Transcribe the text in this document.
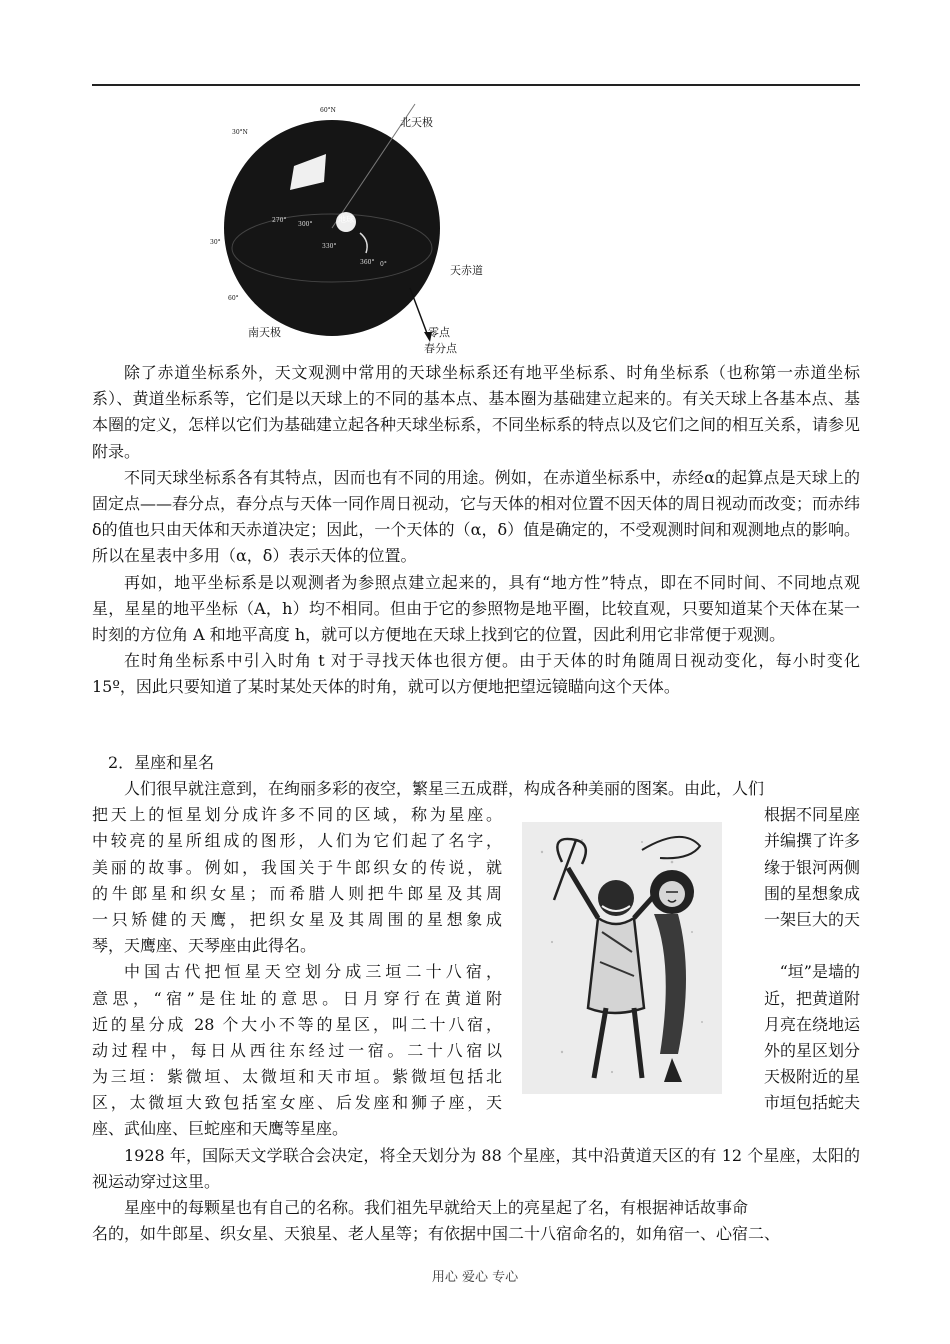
北天极
60°N
30°N
30°
60°
270°
300°
330°
360° 0°
地球
天赤道
南天极	零点
春分点

除了赤道坐标系外，天文观测中常用的天球坐标系还有地平坐标系、时角坐标系（也称第一赤道坐标系）、黄道坐标系等，它们是以天球上的不同的基本点、基本圈为基础建立起来的。有关天球上各基本点、基本圈的定义，怎样以它们为基础建立起各种天球坐标系，不同坐标系的特点以及它们之间的相互关系，请参见附录。

不同天球坐标系各有其特点，因而也有不同的用途。例如，在赤道坐标系中，赤经α的起算点是天球上的固定点——春分点，春分点与天体一同作周日视动，它与天体的相对位置不因天体的周日视动而改变；而赤纬δ的值也只由天体和天赤道决定；因此，一个天体的（α，δ）值是确定的，不受观测时间和观测地点的影响。所以在星表中多用（α，δ）表示天体的位置。

再如，地平坐标系是以观测者为参照点建立起来的，具有“地方性”特点，即在不同时间、不同地点观星，星星的地平坐标（A，h）均不相同。但由于它的参照物是地平圈，比较直观，只要知道某个天体在某一时刻的方位角 A 和地平高度 h，就可以方便地在天球上找到它的位置，因此利用它非常便于观测。

在时角坐标系中引入时角 t 对于寻找天体也很方便。由于天体的时角随周日视动变化，每小时变化 15º，因此只要知道了某时某处天体的时角，就可以方便地把望远镜瞄向这个天体。

2．星座和星名

人们很早就注意到，在绚丽多彩的夜空，繁星三五成群，构成各种美丽的图案。由此，人们

把天上的恒星划分成许多不同的区域，称为星座。	根据不同星座
中较亮的星所组成的图形，人们为它们起了名字，	并编撰了许多
美丽的故事。例如，我国关于牛郎织女的传说，就	缘于银河两侧
的牛郎星和织女星；而希腊人则把牛郎星及其周	围的星想象成
一只矫健的天鹰，把织女星及其周围的星想象成	一架巨大的天

琴，天鹰座、天琴座由此得名。

中国古代把恒星天空划分成三垣二十八宿，	“垣”是墙的
意思，“宿”是住址的意思。日月穿行在黄道附	近，把黄道附
近的星分成 28 个大小不等的星区，叫二十八宿，	月亮在绕地运
动过程中，每日从西往东经过一宿。二十八宿以	外的星区划分
为三垣：紫微垣、太微垣和天市垣。紫微垣包括北	天极附近的星
区，太微垣大致包括室女座、后发座和狮子座，天	市垣包括蛇夫

座、武仙座、巨蛇座和天鹰等星座。

1928 年，国际天文学联合会决定，将全天划分为 88 个星座，其中沿黄道天区的有 12 个星座，太阳的视运动穿过这里。

星座中的每颗星也有自己的名称。我们祖先早就给天上的亮星起了名，有根据神话故事命

名的，如牛郎星、织女星、天狼星、老人星等；有依据中国二十八宿命名的，如角宿一、心宿二、

用心 爱心 专心
